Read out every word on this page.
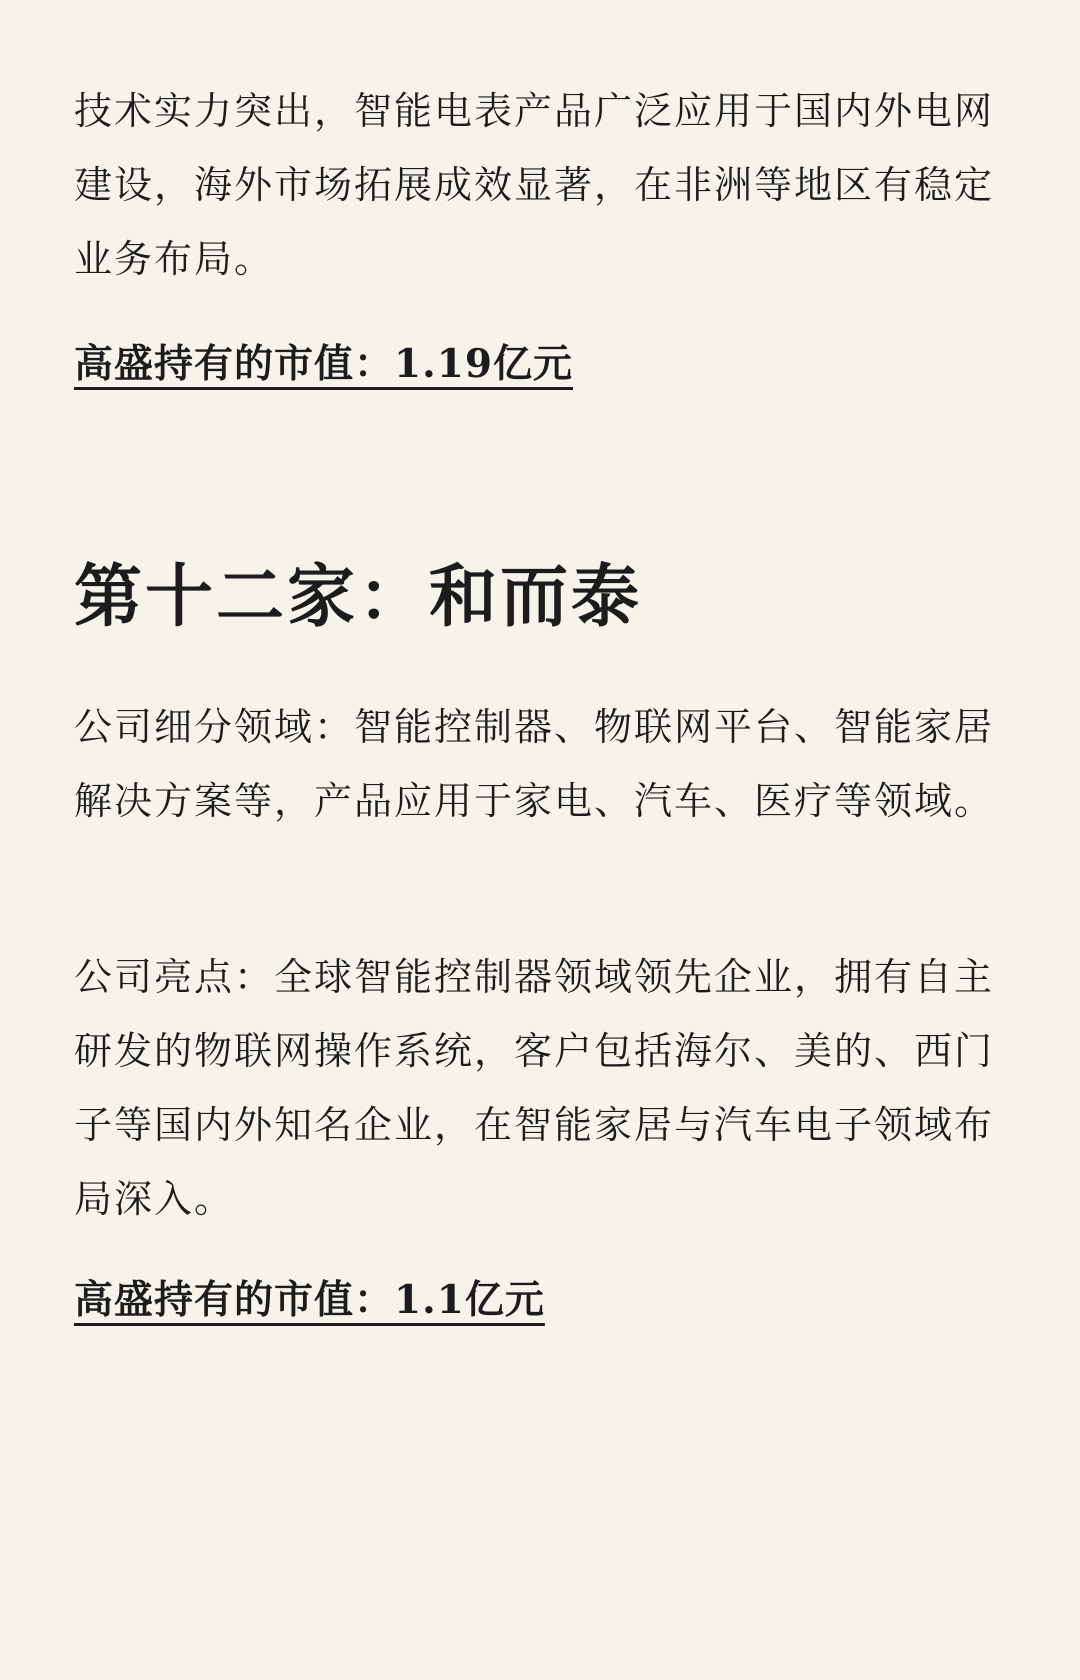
技术实力突出，智能电表产品广泛应用于国内外电网建设，海外市场拓展成效显著，在非洲等地区有稳定业务布局。

高盛持有的市值：1.19亿元
第十二家：和而泰

公司细分领域：智能控制器、物联网平台、智能家居解决方案等，产品应用于家电、汽车、医疗等领域。

公司亮点：全球智能控制器领域领先企业，拥有自主研发的物联网操作系统，客户包括海尔、美的、西门子等国内外知名企业，在智能家居与汽车电子领域布局深入。

高盛持有的市值：1.1亿元
